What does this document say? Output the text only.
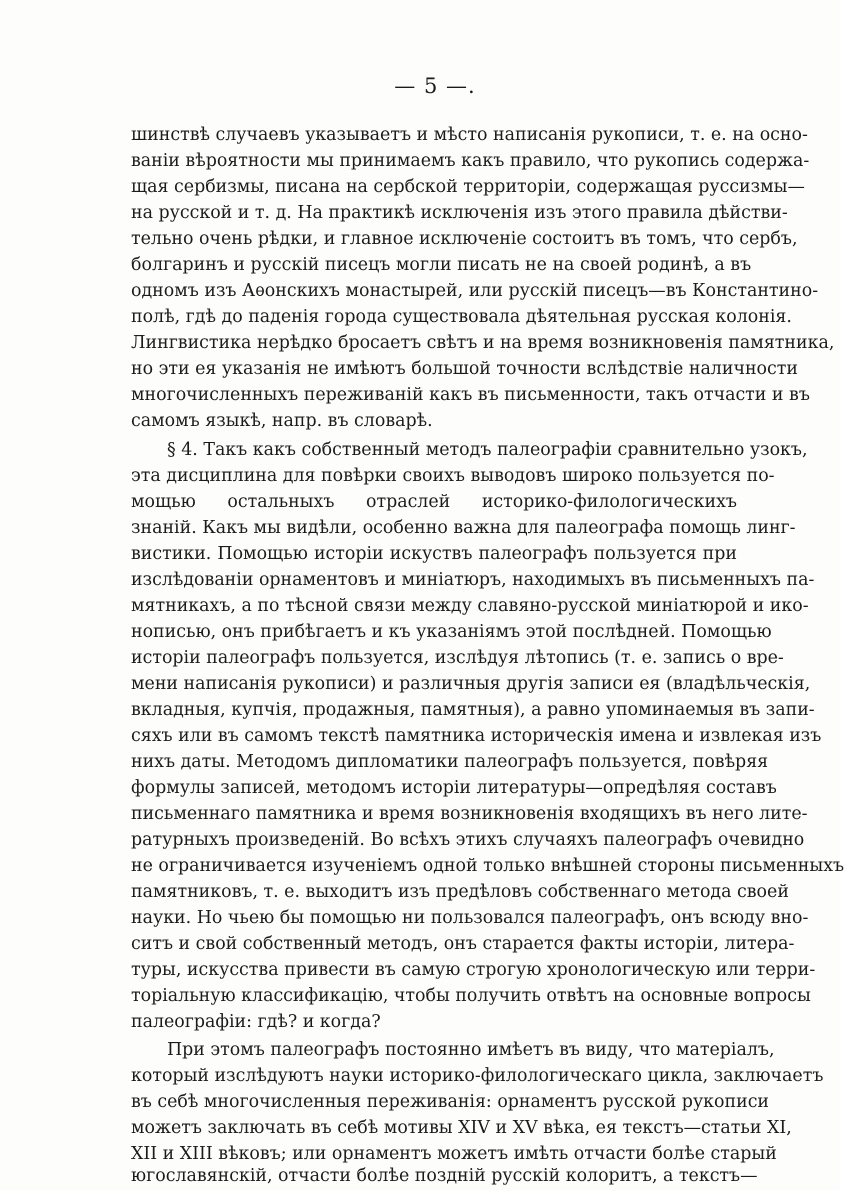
— 5 —.
шинствѣ случаевъ указываетъ и мѣсто написанія рукописи, т. е. на осно-
ваніи вѣроятности мы принимаемъ какъ правило, что рукопись содержа-
щая сербизмы, писана на сербской территоріи, содержащая руссизмы—
на русской и т. д. На практикѣ исключенія изъ этого правила дѣйстви-
тельно очень рѣдки, и главное исключеніе состоитъ въ томъ, что сербъ,
болгаринъ и русскій писецъ могли писать не на своей родинѣ, а въ
одномъ изъ Аѳонскихъ монастырей, или русскій писецъ—въ Константино-
полѣ, гдѣ до паденія города существовала дѣятельная русская колонія.
Лингвистика нерѣдко бросаетъ свѣтъ и на время возникновенія памятника,
но эти ея указанія не имѣютъ большой точности вслѣдствіе наличности
многочисленныхъ переживаній какъ въ письменности, такъ отчасти и въ
самомъ языкѣ, напр. въ словарѣ.
§ 4. Такъ какъ собственный методъ палеографіи сравнительно узокъ,
эта дисциплина для повѣрки своихъ выводовъ широко пользуется по-
мощью остальныхъ отраслей историко-филологическихъ
знаній. Какъ мы видѣли, особенно важна для палеографа помощь линг-
вистики. Помощью исторіи искуствъ палеографъ пользуется при
изслѣдованіи орнаментовъ и миніатюръ, находимыхъ въ письменныхъ па-
мятникахъ, а по тѣсной связи между славяно-русской миніатюрой и ико-
нописью, онъ прибѣгаетъ и къ указаніямъ этой послѣдней. Помощью
исторіи палеографъ пользуется, изслѣдуя лѣтопись (т. е. запись о вре-
мени написанія рукописи) и различныя другія записи ея (владѣльческія,
вкладныя, купчія, продажныя, памятныя), а равно упоминаемыя въ запи-
сяхъ или въ самомъ текстѣ памятника историческія имена и извлекая изъ
нихъ даты. Методомъ дипломатики палеографъ пользуется, повѣряя
формулы записей, методомъ исторіи литературы—опредѣляя составъ
письменнаго памятника и время возникновенія входящихъ въ него лите-
ратурныхъ произведеній. Во всѣхъ этихъ случаяхъ палеографъ очевидно
не ограничивается изученіемъ одной только внѣшней стороны письменныхъ
памятниковъ, т. е. выходитъ изъ предѣловъ собственнаго метода своей
науки. Но чьею бы помощью ни пользовался палеографъ, онъ всюду вно-
ситъ и свой собственный методъ, онъ старается факты исторіи, литера-
туры, искусства привести въ самую строгую хронологическую или терри-
торіальную классификацію, чтобы получить отвѣтъ на основные вопросы
палеографіи: гдѣ? и когда?
При этомъ палеографъ постоянно имѣетъ въ виду, что матеріалъ,
который изслѣдуютъ науки историко-филологическаго цикла, заключаетъ
въ себѣ многочисленныя переживанія: орнаментъ русской рукописи
можетъ заключать въ себѣ мотивы XIV и XV вѣка, ея текстъ—статьи XI,
XII и XIII вѣковъ; или орнаментъ можетъ имѣть отчасти болѣе старый
югославянскій, отчасти болѣе поздній русскій колоритъ, а текстъ—
